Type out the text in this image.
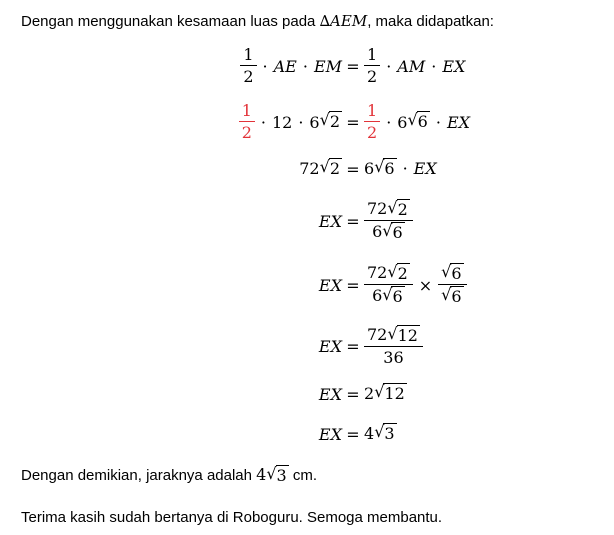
Dengan menggunakan kesamaan luas pada ∆AEM, maka didapatkan:

$\frac{1}{2}$ · AE · EM = $\frac{1}{2}$ · AM · EX
$\frac{1}{2} \cdot 12 \cdot 6$ √ $2 = \frac{1}{2} \cdot 6$ √ 6 · EX
72 √ 2 = 6 √ 6 · EX
EX = $\frac{72 √ 2}{6 √ 6}$
EX = $\frac{72 √ 2}{6 √ 6} \times \frac{√ 6}{√ 6}$
EX = $\frac{72 √ 12}{36}$
EX = 2 √ 12
EX = 4 √ 3

Dengan demikian, jaraknya adalah 4 √ 3 cm.

Terima kasih sudah bertanya di Roboguru. Semoga membantu.
